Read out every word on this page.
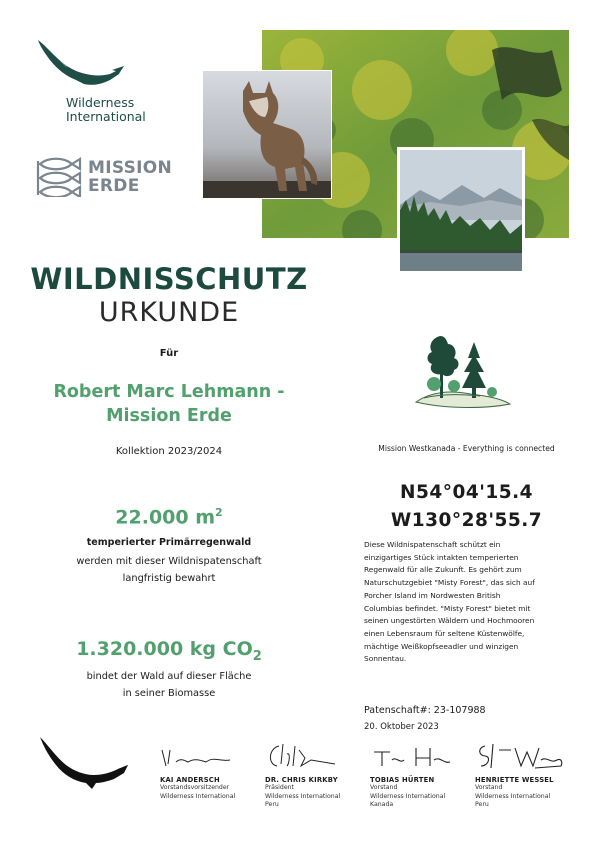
Wilderness
International
MISSION
ERDE
WILDNISSCHUTZ
URKUNDE
Für
Robert Marc Lehmann -
Mission Erde
Kollektion 2023/2024
22.000 $m^2$
temperierter Primärregenwald
werden mit dieser Wildnispatenschaft
langfristig bewahrt
1.320.000 kg $CO_2$
bindet der Wald auf dieser Fläche
in seiner Biomasse
Mission Westkanada - Everything is connected
N54°04'15.4
W130°28'55.7
Diese Wildnispatenschaft schützt ein
einzigartiges Stück intakten temperierten
Regenwald für alle Zukunft. Es gehört zum
Naturschutzgebiet "Misty Forest", das sich auf
Porcher Island im Nordwesten British
Columbias befindet. "Misty Forest" bietet mit
seinen ungestörten Wäldern und Hochmooren
einen Lebensraum für seltene Küstenwölfe,
mächtige Weißkopfseeadler und winzigen
Sonnentau.
Patenschaft#: 23-107988
20. Oktober 2023
KAI ANDERSCH
Vorstandsvorsitzender
Wilderness International
DR. CHRIS KIRKBY
Präsident
Wilderness International
Peru
TOBIAS HÜRTEN
Vorstand
Wilderness International
Kanada
HENRIETTE WESSEL
Vorstand
Wilderness International
Peru
